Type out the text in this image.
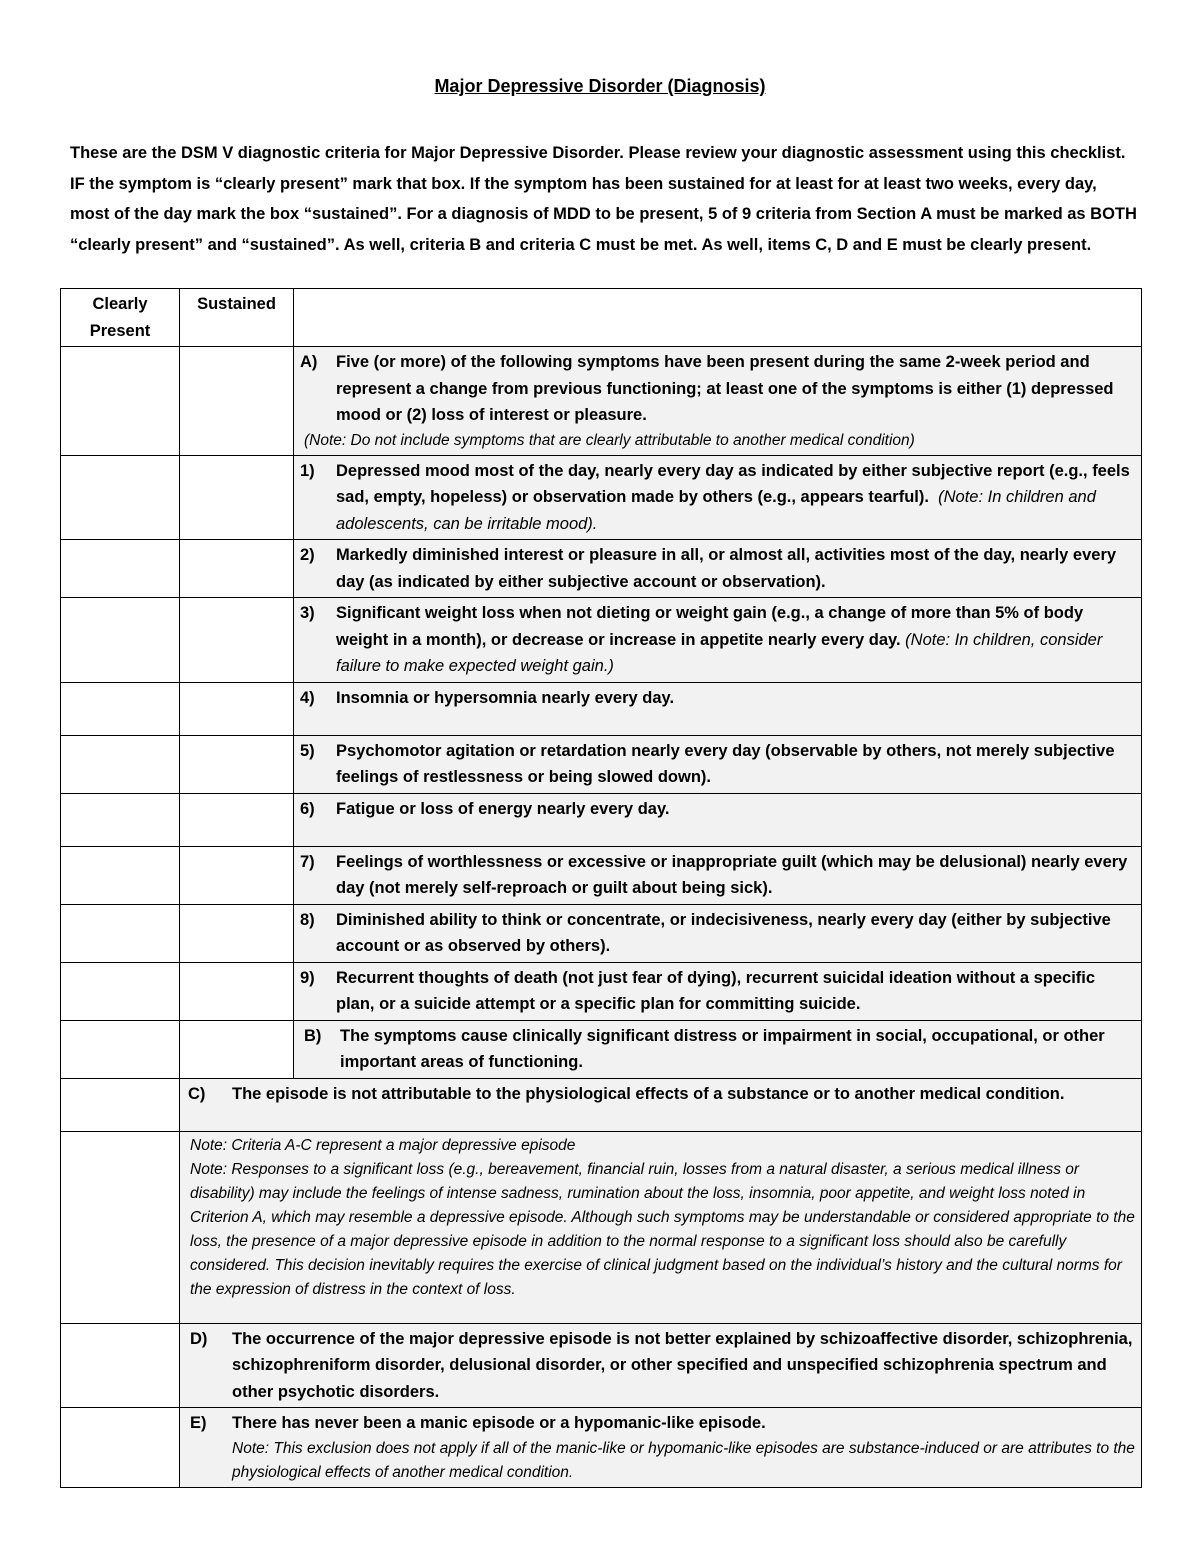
Major Depressive Disorder (Diagnosis)

These are the DSM V diagnostic criteria for Major Depressive Disorder. Please review your diagnostic assessment using this checklist. IF the symptom is “clearly present” mark that box. If the symptom has been sustained for at least for at least two weeks, every day, most of the day mark the box “sustained”. For a diagnosis of MDD to be present, 5 of 9 criteria from Section A must be marked as BOTH “clearly present” and “sustained”. As well, criteria B and criteria C must be met. As well, items C, D and E must be clearly present.

Clearly Present	Sustained	

		A) Five (or more) of the following symptoms have been present during the same 2-week period and represent a change from previous functioning; at least one of the symptoms is either (1) depressed mood or (2) loss of interest or pleasure.
(Note: Do not include symptoms that are clearly attributable to another medical condition)

		1) Depressed mood most of the day, nearly every day as indicated by either subjective report (e.g., feels sad, empty, hopeless) or observation made by others (e.g., appears tearful). (Note: In children and adolescents, can be irritable mood).

		2) Markedly diminished interest or pleasure in all, or almost all, activities most of the day, nearly every day (as indicated by either subjective account or observation).

		3) Significant weight loss when not dieting or weight gain (e.g., a change of more than 5% of body weight in a month), or decrease or increase in appetite nearly every day. (Note: In children, consider failure to make expected weight gain.)

		4) Insomnia or hypersomnia nearly every day.

		5) Psychomotor agitation or retardation nearly every day (observable by others, not merely subjective feelings of restlessness or being slowed down).

		6) Fatigue or loss of energy nearly every day.

		7) Feelings of worthlessness or excessive or inappropriate guilt (which may be delusional) nearly every day (not merely self-reproach or guilt about being sick).

		8) Diminished ability to think or concentrate, or indecisiveness, nearly every day (either by subjective account or as observed by others).

		9) Recurrent thoughts of death (not just fear of dying), recurrent suicidal ideation without a specific plan, or a suicide attempt or a specific plan for committing suicide.

		B) The symptoms cause clinically significant distress or impairment in social, occupational, or other important areas of functioning.

	C) The episode is not attributable to the physiological effects of a substance or to another medical condition.	

	Note: Criteria A-C represent a major depressive episode
Note: Responses to a significant loss (e.g., bereavement, financial ruin, losses from a natural disaster, a serious medical illness or disability) may include the feelings of intense sadness, rumination about the loss, insomnia, poor appetite, and weight loss noted in Criterion A, which may resemble a depressive episode. Although such symptoms may be understandable or considered appropriate to the loss, the presence of a major depressive episode in addition to the normal response to a significant loss should also be carefully considered. This decision inevitably requires the exercise of clinical judgment based on the individual’s history and the cultural norms for the expression of distress in the context of loss.	

	D) The occurrence of the major depressive episode is not better explained by schizoaffective disorder, schizophrenia, schizophreniform disorder, delusional disorder, or other specified and unspecified schizophrenia spectrum and other psychotic disorders.	

	E) There has never been a manic episode or a hypomanic-like episode.
Note: This exclusion does not apply if all of the manic-like or hypomanic-like episodes are substance-induced or are attributes to the physiological effects of another medical condition.	
